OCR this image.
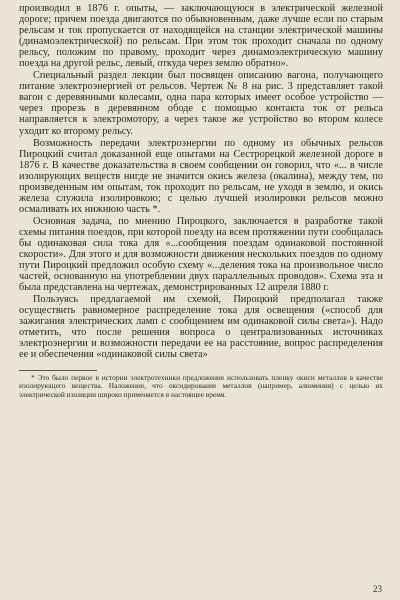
производил в 1876 г. опыты, — заключающуюся в электрической железной дороге; причем поезда двигаются по обыкновенным, даже лучше если по старым рельсам и ток пропускается от находящейся на станции электрической машины (динамоэлектрической) по рельсам. При этом ток проходит сначала по одному рельсу, положим по правому, проходит через динамоэлектрическую машину поезда на другой рельс, левый, откуда через землю обратно».

Специальный раздел лекции был посвящен описанию вагона, получающего питание электроэнергией от рельсов. Чертеж № 8 на рис. 3 представляет такой вагон с деревянными колесами, одна пара которых имеет особое устройство — через прорезь в деревянном ободе с помощью контакта ток от рельса направляется к электромотору, а через такое же устройство во втором колесе уходит ко второму рельсу.

Возможность передачи электроэнергии по одному из обычных рельсов Пироцкий считал доказанной еще опытами на Сестрорецкой железной дороге в 1876 г. В качестве доказательства в своем сообщении он говорил, что «... в числе изолирующих веществ нигде не значится окись железа (окалина), между тем, по произведенным им опытам, ток проходит по рельсам, не уходя в землю, и окись железа служила изолировкою; с целью лучшей изолировки рельсов можно осмаливать их нижнюю часть *.

Основная задача, по мнению Пироцкого, заключается в разработке такой схемы питания поездов, при которой поезду на всем протяжении пути сообщалась бы одинаковая сила тока для «...сообщения поездам одинаковой постоянной скорости». Для этого и для возможности движения нескольких поездов по одному пути Пироцкий предложил особую схему «...деления тока на произвольное число частей, основанную на употреблении двух параллельных проводов». Схема эта и была представлена на чертежах, демонстрированных 12 апреля 1880 г.

Пользуясь предлагаемой им схемой, Пироцкий предполагал также осуществить равномерное распределение тока для освещения («способ для зажигания электрических ламп с сообщением им одинаковой силы света»). Надо отметить, что после решения вопроса о централизованных источниках электроэнергии и возможности передачи ее на расстояние, вопрос распределения ее и обеспечения «одинаковой силы света»

* Это было первое в истории электротехники предложение использовать пленку окиси металлов в качестве изолирующего вещества. Наложение, что оксидирование металлов (например, алюминия) с целью их электрической изоляции широко применяется в настоящее время.

23
